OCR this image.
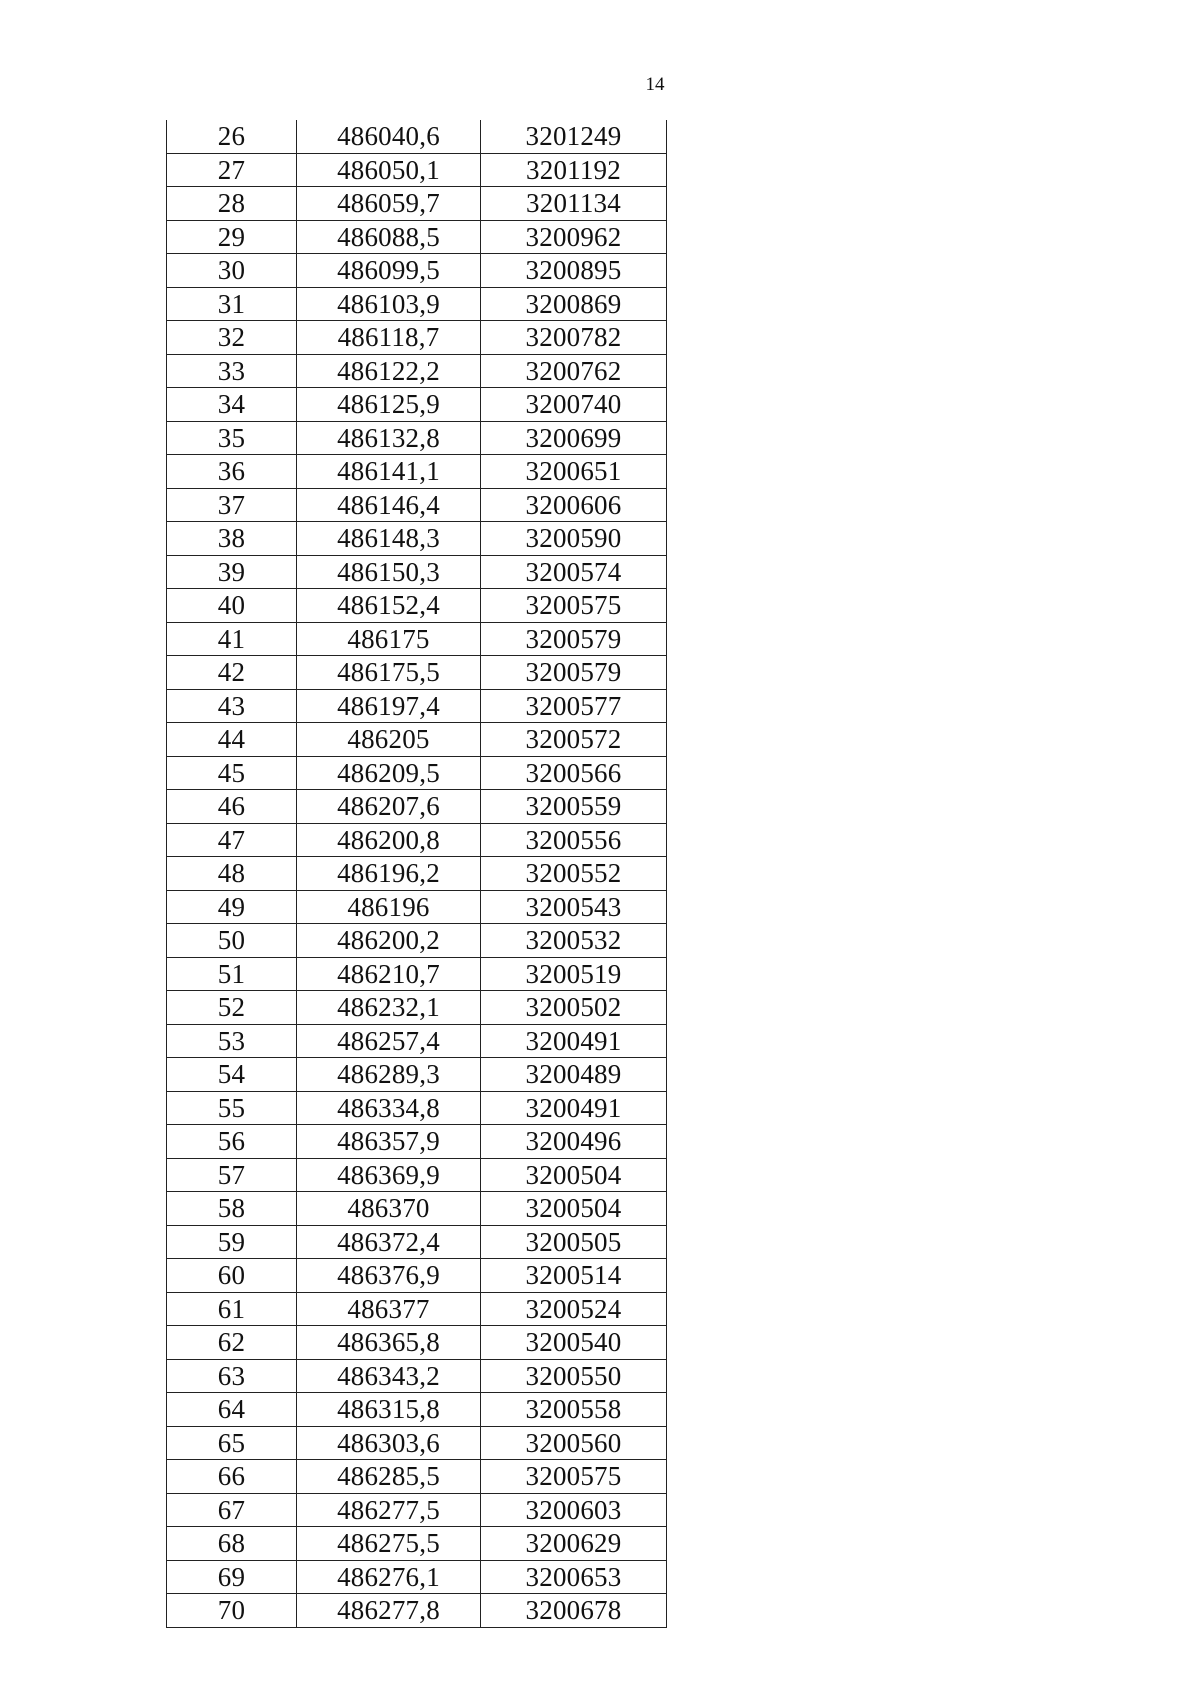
14
26	486040,6	3201249
27	486050,1	3201192
28	486059,7	3201134
29	486088,5	3200962
30	486099,5	3200895
31	486103,9	3200869
32	486118,7	3200782
33	486122,2	3200762
34	486125,9	3200740
35	486132,8	3200699
36	486141,1	3200651
37	486146,4	3200606
38	486148,3	3200590
39	486150,3	3200574
40	486152,4	3200575
41	486175	3200579
42	486175,5	3200579
43	486197,4	3200577
44	486205	3200572
45	486209,5	3200566
46	486207,6	3200559
47	486200,8	3200556
48	486196,2	3200552
49	486196	3200543
50	486200,2	3200532
51	486210,7	3200519
52	486232,1	3200502
53	486257,4	3200491
54	486289,3	3200489
55	486334,8	3200491
56	486357,9	3200496
57	486369,9	3200504
58	486370	3200504
59	486372,4	3200505
60	486376,9	3200514
61	486377	3200524
62	486365,8	3200540
63	486343,2	3200550
64	486315,8	3200558
65	486303,6	3200560
66	486285,5	3200575
67	486277,5	3200603
68	486275,5	3200629
69	486276,1	3200653
70	486277,8	3200678
